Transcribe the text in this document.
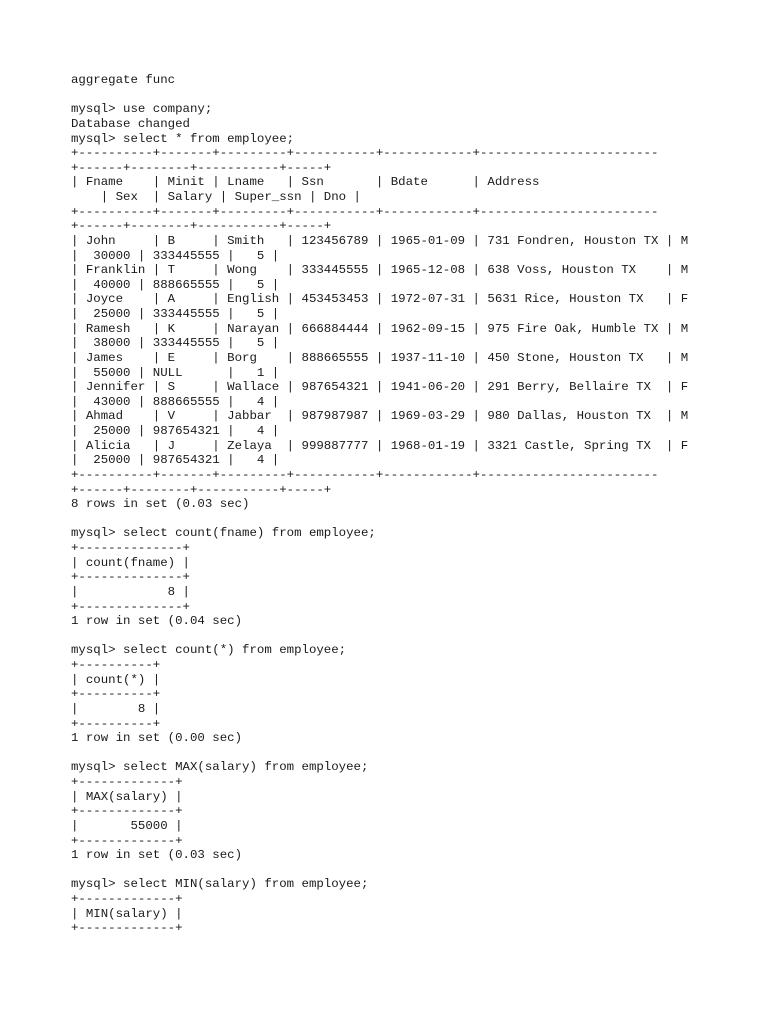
aggregate func
mysql> use company;
Database changed
mysql> select * from employee;
+----------+-------+---------+-----------+------------+------------------------
+------+--------+-----------+-----+
| Fname    | Minit | Lname   | Ssn       | Bdate      | Address
| Sex  | Salary | Super_ssn | Dno |
+----------+-------+---------+-----------+------------+------------------------
+------+--------+-----------+-----+
| John     | B     | Smith   | 123456789 | 1965-01-09 | 731 Fondren, Houston TX | M
|  30000 | 333445555 |   5 |
| Franklin | T     | Wong    | 333445555 | 1965-12-08 | 638 Voss, Houston TX    | M
|  40000 | 888665555 |   5 |
| Joyce    | A     | English | 453453453 | 1972-07-31 | 5631 Rice, Houston TX   | F
|  25000 | 333445555 |   5 |
| Ramesh   | K     | Narayan | 666884444 | 1962-09-15 | 975 Fire Oak, Humble TX | M
|  38000 | 333445555 |   5 |
| James    | E     | Borg    | 888665555 | 1937-11-10 | 450 Stone, Houston TX   | M
|  55000 | NULL      |   1 |
| Jennifer | S     | Wallace | 987654321 | 1941-06-20 | 291 Berry, Bellaire TX  | F
|  43000 | 888665555 |   4 |
| Ahmad    | V     | Jabbar  | 987987987 | 1969-03-29 | 980 Dallas, Houston TX  | M
|  25000 | 987654321 |   4 |
| Alicia   | J     | Zelaya  | 999887777 | 1968-01-19 | 3321 Castle, Spring TX  | F
|  25000 | 987654321 |   4 |
+----------+-------+---------+-----------+------------+------------------------
+------+--------+-----------+-----+
8 rows in set (0.03 sec)
mysql> select count(fname) from employee;
+--------------+
| count(fname) |
+--------------+
|            8 |
+--------------+
1 row in set (0.04 sec)
mysql> select count(*) from employee;
+----------+
| count(*) |
+----------+
|        8 |
+----------+
1 row in set (0.00 sec)
mysql> select MAX(salary) from employee;
+-------------+
| MAX(salary) |
+-------------+
|       55000 |
+-------------+
1 row in set (0.03 sec)
mysql> select MIN(salary) from employee;
+-------------+
| MIN(salary) |
+-------------+
